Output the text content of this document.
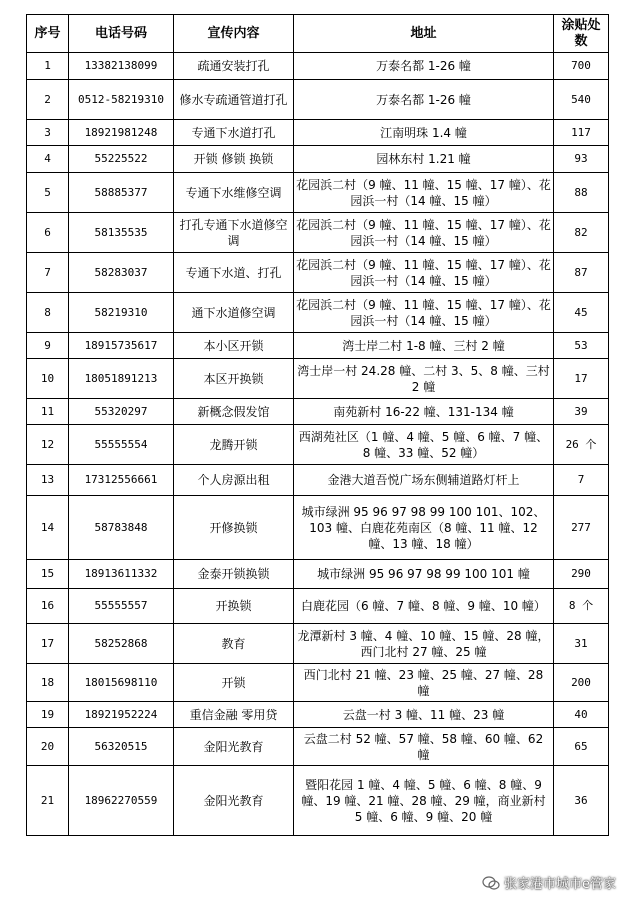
序号	电话号码	宣传内容	地址	涂贴处数
1	13382138099	疏通安装打孔	万泰名都 1-26 幢	700
2	0512-58219310	修水专疏通管道打孔	万泰名都 1-26 幢	540
3	18921981248	专通下水道打孔	江南明珠 1.4 幢	117
4	55225522	开锁 修锁 换锁	园林东村 1.21 幢	93
5	58885377	专通下水维修空调	花园浜二村（9 幢、11 幢、15 幢、17 幢）、花园浜一村（14 幢、15 幢）	88
6	58135535	打孔专通下水道修空调	花园浜二村（9 幢、11 幢、15 幢、17 幢）、花园浜一村（14 幢、15 幢）	82
7	58283037	专通下水道、打孔	花园浜二村（9 幢、11 幢、15 幢、17 幢）、花园浜一村（14 幢、15 幢）	87
8	58219310	通下水道修空调	花园浜二村（9 幢、11 幢、15 幢、17 幢）、花园浜一村（14 幢、15 幢）	45
9	18915735617	本小区开锁	湾士岸二村 1-8 幢、三村 2 幢	53
10	18051891213	本区开换锁	湾士岸一村 24.28 幢、二村 3、5、8 幢、三村 2 幢	17
11	55320297	新概念假发馆	南苑新村 16-22 幢、131-134 幢	39
12	55555554	龙腾开锁	西湖苑社区（1 幢、4 幢、5 幢、6 幢、7 幢、8 幢、33 幢、52 幢）	26 个
13	17312556661	个人房源出租	金港大道吾悦广场东侧辅道路灯杆上	7
14	58783848	开修换锁	城市绿洲 95 96 97 98 99 100 101、102、103 幢、白鹿花苑南区（8 幢、11 幢、12 幢、13 幢、18 幢）	277
15	18913611332	金泰开锁换锁	城市绿洲 95 96 97 98 99 100 101 幢	290
16	55555557	开换锁	白鹿花园（6 幢、7 幢、8 幢、9 幢、10 幢）	8 个
17	58252868	教育	龙潭新村 3 幢、4 幢、10 幢、15 幢、28 幢，西门北村 27 幢、25 幢	31
18	18015698110	开锁	西门北村 21 幢、23 幢、25 幢、27 幢、28 幢	200
19	18921952224	重信金融 零用贷	云盘一村 3 幢、11 幢、23 幢	40
20	56320515	金阳光教育	云盘二村 52 幢、57 幢、58 幢、60 幢、62 幢	65
21	18962270559	金阳光教育	暨阳花园 1 幢、4 幢、5 幢、6 幢、8 幢、9 幢、19 幢、21 幢、28 幢、29 幢，商业新村 5 幢、6 幢、9 幢、20 幢	36
张家港市城市e管家
